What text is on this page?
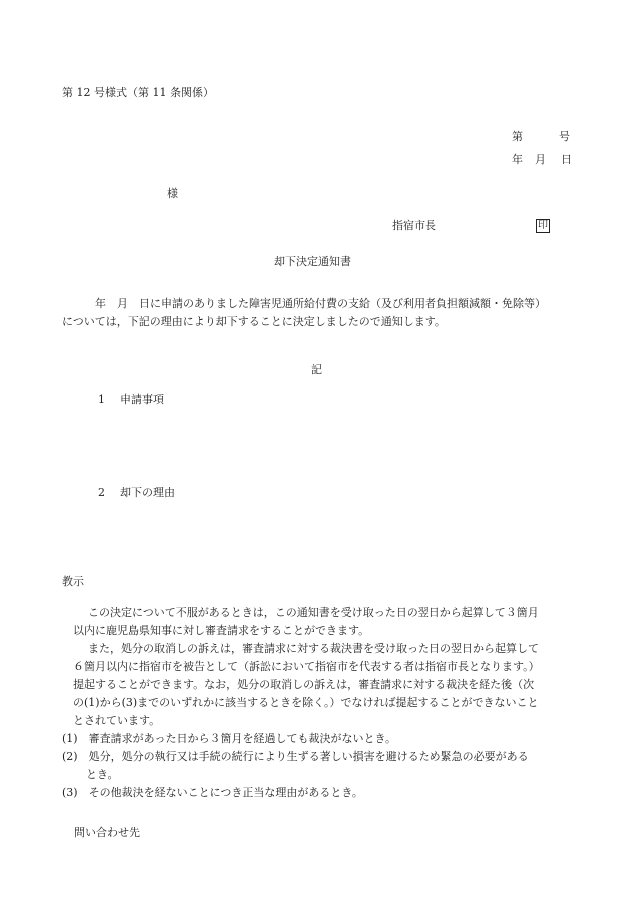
第 12 号様式（第 11 条関係）
第	号
年 月 日
様
指宿市長	印
却下決定通知書
年　月　日に申請のありました障害児通所給付費の支給（及び利用者負担額減額・免除等）
については，下記の理由により却下することに決定しましたので通知します。
記
1 申請事項
2 却下の理由
教示
この決定について不服があるときは，この通知書を受け取った日の翌日から起算して３箇月
以内に鹿児島県知事に対し審査請求をすることができます。
また，処分の取消しの訴えは，審査請求に対する裁決書を受け取った日の翌日から起算して
６箇月以内に指宿市を被告として（訴訟において指宿市を代表する者は指宿市長となります。）
提起することができます。なお，処分の取消しの訴えは，審査請求に対する裁決を経た後（次
の(1)から(3)までのいずれかに該当するときを除く。）でなければ提起することができないこと
とされています。
(1)　審査請求があった日から３箇月を経過しても裁決がないとき。
(2)　処分，処分の執行又は手続の続行により生ずる著しい損害を避けるため緊急の必要がある
とき。
(3)　その他裁決を経ないことにつき正当な理由があるとき。
問い合わせ先
